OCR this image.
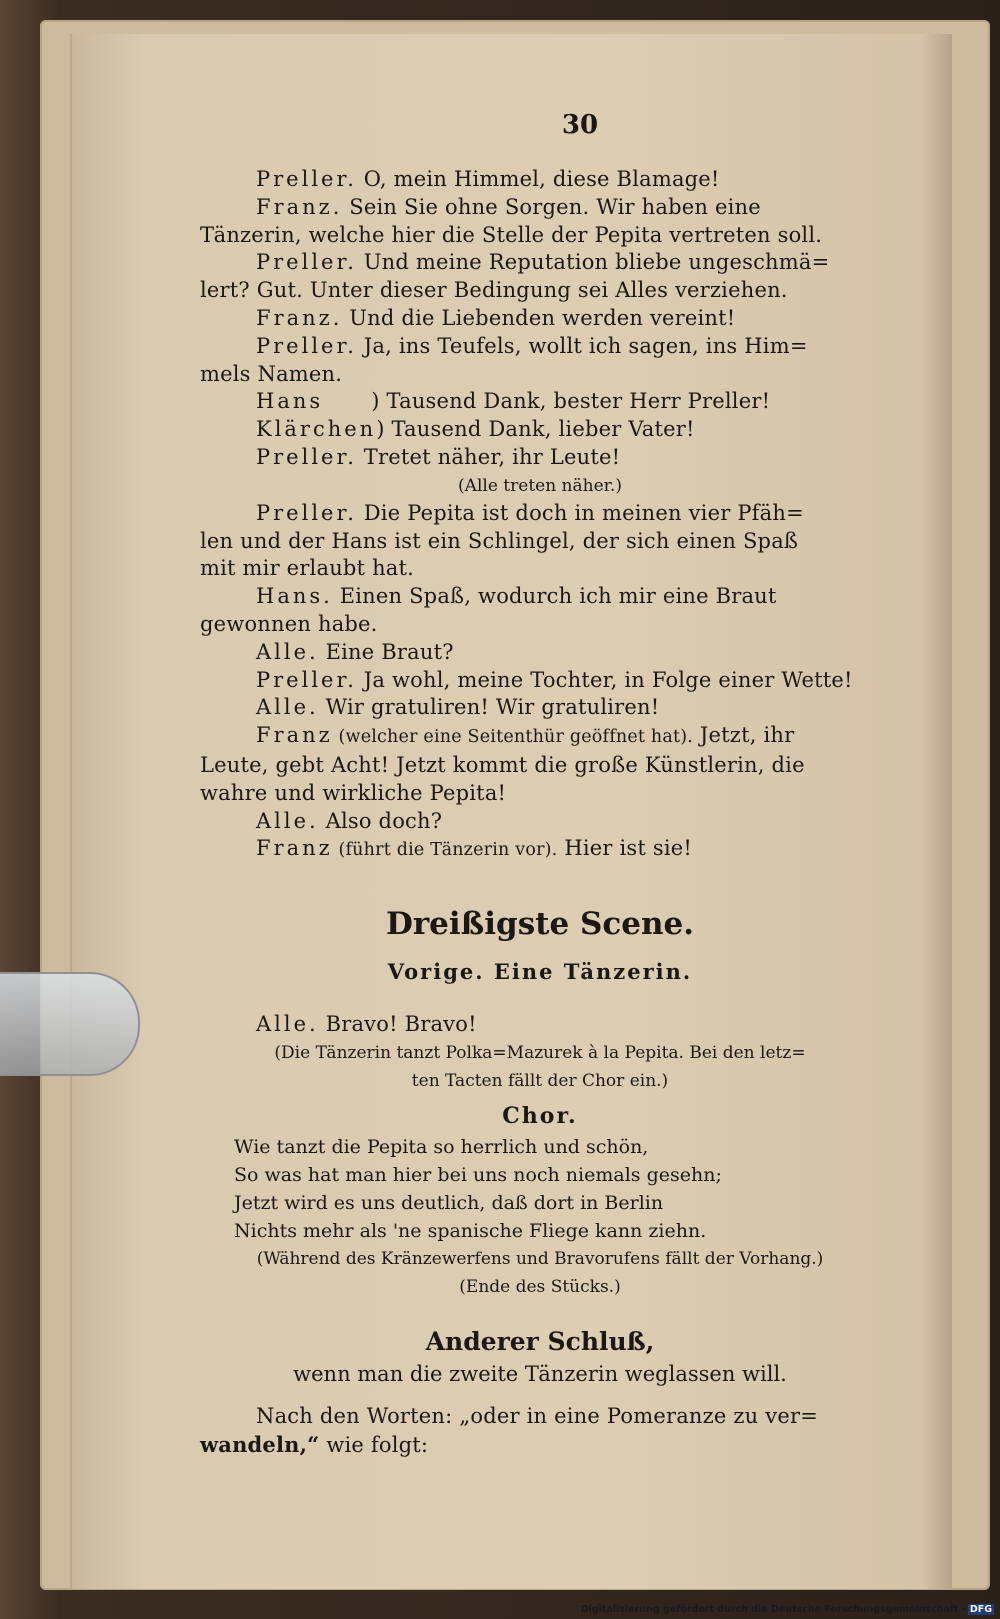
30
Preller. O, mein Himmel, diese Blamage!
Franz. Sein Sie ohne Sorgen. Wir haben eine
Tänzerin, welche hier die Stelle der Pepita vertreten soll.
Preller. Und meine Reputation bliebe ungeschmä=
lert? Gut. Unter dieser Bedingung sei Alles verziehen.
Franz. Und die Liebenden werden vereint!
Preller. Ja, ins Teufels, wollt ich sagen, ins Him=
mels Namen.
Hans       ) Tausend Dank, bester Herr Preller!
Klärchen) Tausend Dank, lieber Vater!
Preller. Tretet näher, ihr Leute!
(Alle treten näher.)
Preller. Die Pepita ist doch in meinen vier Pfäh=
len und der Hans ist ein Schlingel, der sich einen Spaß
mit mir erlaubt hat.
Hans. Einen Spaß, wodurch ich mir eine Braut
gewonnen habe.
Alle. Eine Braut?
Preller. Ja wohl, meine Tochter, in Folge einer Wette!
Alle. Wir gratuliren! Wir gratuliren!
Franz (welcher eine Seitenthür geöffnet hat). Jetzt, ihr
Leute, gebt Acht! Jetzt kommt die große Künstlerin, die
wahre und wirkliche Pepita!
Alle. Also doch?
Franz (führt die Tänzerin vor). Hier ist sie!
Dreißigste Scene.
Vorige. Eine Tänzerin.
Alle. Bravo! Bravo!
(Die Tänzerin tanzt Polka=Mazurek à la Pepita. Bei den letz=
ten Tacten fällt der Chor ein.)
Chor.
Wie tanzt die Pepita so herrlich und schön,
So was hat man hier bei uns noch niemals gesehn;
Jetzt wird es uns deutlich, daß dort in Berlin
Nichts mehr als 'ne spanische Fliege kann ziehn.
(Während des Kränzewerfens und Bravorufens fällt der Vorhang.)
(Ende des Stücks.)
Anderer Schluß,
wenn man die zweite Tänzerin weglassen will.
Nach den Worten: „oder in eine Pomeranze zu ver=
wandeln,“ wie folgt:
Digitalisierung gefördert durch die Deutsche Forschungsgemeinschaft - DFG
